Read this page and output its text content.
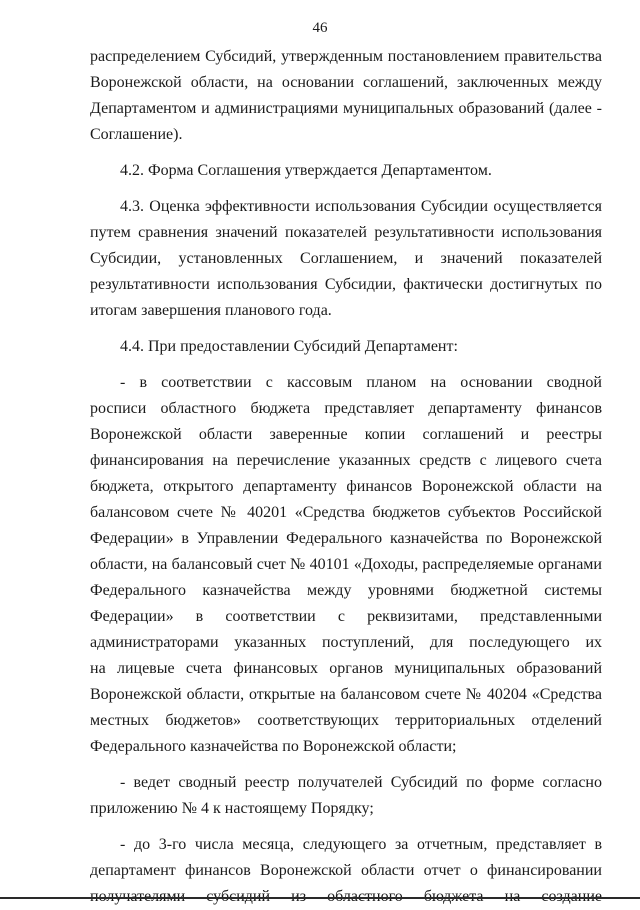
46
распределением Субсидий, утвержденным постановлением правительства
Воронежской области, на основании соглашений, заключенных между
Департаментом и администрациями муниципальных образований (далее -
Соглашение).
4.2. Форма Соглашения утверждается Департаментом.
4.3. Оценка эффективности использования Субсидии осуществляется
путем сравнения значений показателей результативности использования
Субсидии, установленных Соглашением, и значений показателей
результативности использования Субсидии, фактически достигнутых по
итогам завершения планового года.
4.4. При предоставлении Субсидий Департамент:
- в соответствии с кассовым планом на основании сводной
росписи областного бюджета представляет департаменту финансов
Воронежской области заверенные копии соглашений и реестры
финансирования на перечисление указанных средств с лицевого счета
бюджета, открытого департаменту финансов Воронежской области на
балансовом счете № 40201 «Средства бюджетов субъектов Российской
Федерации» в Управлении Федерального казначейства по Воронежской
области, на балансовый счет № 40101 «Доходы, распределяемые органами
Федерального казначейства между уровнями бюджетной системы
Федерации» в соответствии с реквизитами, представленными
администраторами указанных поступлений, для последующего их
на лицевые счета финансовых органов муниципальных образований
Воронежской области, открытые на балансовом счете № 40204 «Средства
местных бюджетов» соответствующих территориальных отделений
Федерального казначейства по Воронежской области;
- ведет сводный реестр получателей Субсидий по форме согласно
приложению № 4 к настоящему Порядку;
- до 3-го числа месяца, следующего за отчетным, представляет в
департамент финансов Воронежской области отчет о финансировании
